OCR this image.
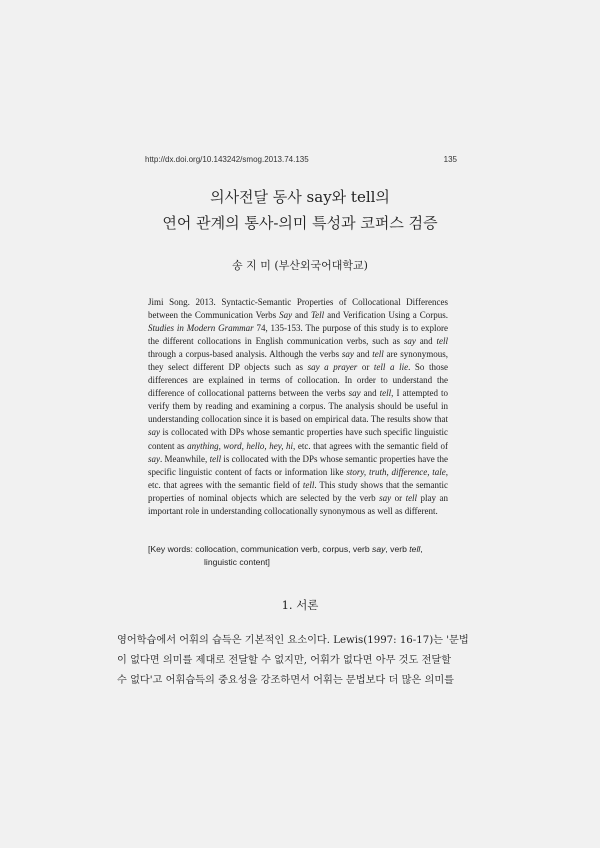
http://dx.doi.org/10.143242/smog.2013.74.135	135
의사전달 동사 say와 tell의
연어 관계의 통사-의미 특성과 코퍼스 검증
송 지 미 (부산외국어대학교)
Jimi Song. 2013. Syntactic-Semantic Properties of Collocational Differences between the Communication Verbs Say and Tell and Verification Using a Corpus. Studies in Modern Grammar 74, 135-153. The purpose of this study is to explore the different collocations in English communication verbs, such as say and tell through a corpus-based analysis. Although the verbs say and tell are synonymous, they select different DP objects such as say a prayer or tell a lie. So those differences are explained in terms of collocation. In order to understand the difference of collocational patterns between the verbs say and tell, I attempted to verify them by reading and examining a corpus. The analysis should be useful in understanding collocation since it is based on empirical data. The results show that say is collocated with DPs whose semantic properties have such specific linguistic content as anything, word, hello, hey, hi, etc. that agrees with the semantic field of say. Meanwhile, tell is collocated with the DPs whose semantic properties have the specific linguistic content of facts or information like story, truth, difference, tale, etc. that agrees with the semantic field of tell. This study shows that the semantic properties of nominal objects which are selected by the verb say or tell play an important role in understanding collocationally synonymous as well as different.
[Key words: collocation, communication verb, corpus, verb say, verb tell,
linguistic content]
1. 서론
영어학습에서 어휘의 습득은 기본적인 요소이다. Lewis(1997: 16-17)는 '문법
이 없다면 의미를 제대로 전달할 수 없지만, 어휘가 없다면 아무 것도 전달할
수 없다'고 어휘습득의 중요성을 강조하면서 어휘는 문법보다 더 많은 의미를
